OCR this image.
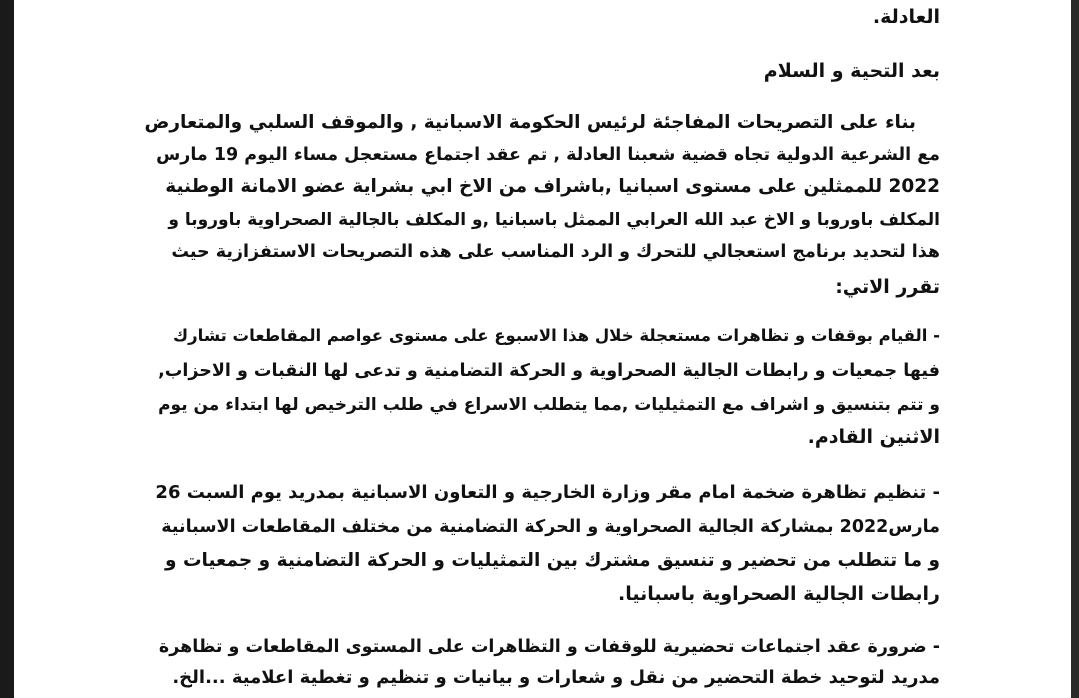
العادلة.
بعد التحية و السلام
بناء على التصريحات المفاجئة لرئيس الحكومة الاسبانية , والموقف السلبي والمتعارض
مع الشرعية الدولية تجاه قضية شعبنا العادلة , تم عقد اجتماع مستعجل مساء اليوم 19 مارس
2022 للممثلين على مستوى اسبانيا ,باشراف من الاخ ابي بشراية عضو الامانة الوطنية
المكلف باوروبا و الاخ عبد الله العرابي الممثل باسبانيا ,و المكلف بالجالية الصحراوية باوروبا و
هذا لتحديد برنامج استعجالي للتحرك و الرد المناسب على هذه التصريحات الاستفزازية حيث
تقرر الاتي:
- القيام بوقفات و تظاهرات مستعجلة خلال هذا الاسبوع على مستوى عواصم المقاطعات تشارك
فيها جمعيات و رابطات الجالية الصحراوية و الحركة التضامنية و تدعى لها النقبات و الاحزاب,
و تتم بتنسيق و اشراف مع التمثيليات ,مما يتطلب الاسراع في طلب الترخيص لها ابتداء من يوم
الاثنين القادم.
- تنظيم تظاهرة ضخمة امام مقر وزارة الخارجية و التعاون الاسبانية بمدريد يوم السبت 26
مارس2022 بمشاركة الجالية الصحراوية و الحركة التضامنية من مختلف المقاطعات الاسبانية
و ما تتطلب من تحضير و تنسيق مشترك بين التمثيليات و الحركة التضامنية و جمعيات و
رابطات الجالية الصحراوية باسبانيا.
- ضرورة عقد اجتماعات تحضيرية للوقفات و التظاهرات على المستوى المقاطعات و تظاهرة
مدريد لتوحيد خطة التحضير من نقل و شعارات و بيانيات و تنظيم و تغطية اعلامية ...الخ.
